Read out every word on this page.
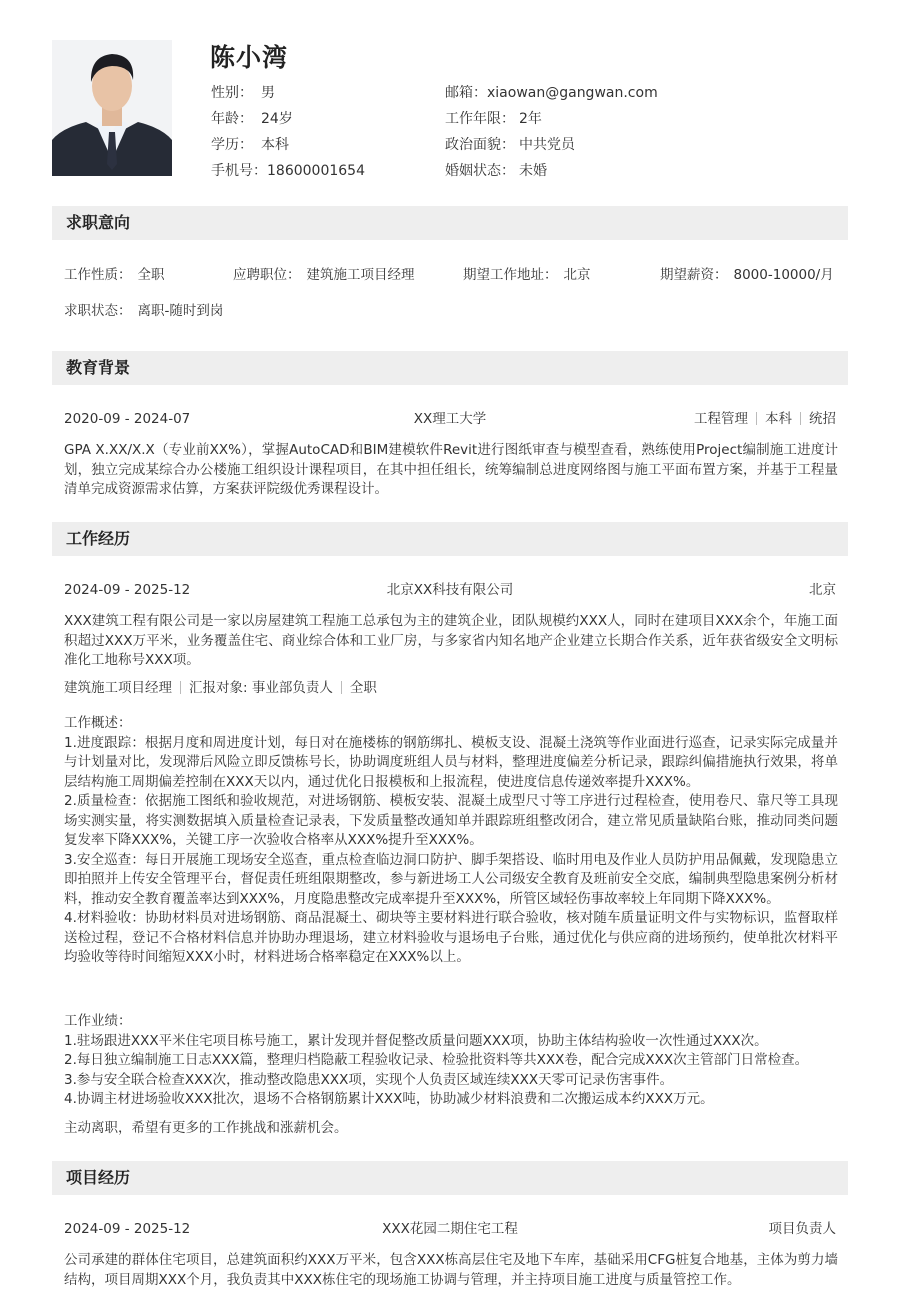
陈小湾
性别： 男
年龄： 24岁
学历： 本科
手机号：18600001654
邮箱：xiaowan@gangwan.com
工作年限： 2年
政治面貌： 中共党员
婚姻状态： 未婚
求职意向
工作性质： 全职	应聘职位： 建筑施工项目经理	期望工作地址： 北京	期望薪资： 8000-10000/月
求职状态： 离职-随时到岗
教育背景
2020-09 - 2024-07	XX理工大学	工程管理 本科 统招
GPA X.XX/X.X（专业前XX%），掌握AutoCAD和BIM建模软件Revit进行图纸审查与模型查看，熟练使用Project编制施工进度计划，独立完成某综合办公楼施工组织设计课程项目，在其中担任组长，统筹编制总进度网络图与施工平面布置方案，并基于工程量清单完成资源需求估算，方案获评院级优秀课程设计。
工作经历
2024-09 - 2025-12	北京XX科技有限公司	北京
XXX建筑工程有限公司是一家以房屋建筑工程施工总承包为主的建筑企业，团队规模约XXX人，同时在建项目XXX余个，年施工面积超过XXX万平米，业务覆盖住宅、商业综合体和工业厂房，与多家省内知名地产企业建立长期合作关系，近年获省级安全文明标准化工地称号XXX项。
建筑施工项目经理 汇报对象: 事业部负责人 全职
工作概述：
1.进度跟踪：根据月度和周进度计划，每日对在施楼栋的钢筋绑扎、模板支设、混凝土浇筑等作业面进行巡查，记录实际完成量并与计划量对比，发现滞后风险立即反馈栋号长，协助调度班组人员与材料，整理进度偏差分析记录，跟踪纠偏措施执行效果，将单层结构施工周期偏差控制在XXX天以内，通过优化日报模板和上报流程，使进度信息传递效率提升XXX%。
2.质量检查：依据施工图纸和验收规范，对进场钢筋、模板安装、混凝土成型尺寸等工序进行过程检查，使用卷尺、靠尺等工具现场实测实量，将实测数据填入质量检查记录表，下发质量整改通知单并跟踪班组整改闭合，建立常见质量缺陷台账，推动同类问题复发率下降XXX%，关键工序一次验收合格率从XXX%提升至XXX%。
3.安全巡查：每日开展施工现场安全巡查，重点检查临边洞口防护、脚手架搭设、临时用电及作业人员防护用品佩戴，发现隐患立即拍照并上传安全管理平台，督促责任班组限期整改，参与新进场工人公司级安全教育及班前安全交底，编制典型隐患案例分析材料，推动安全教育覆盖率达到XXX%，月度隐患整改完成率提升至XXX%，所管区域轻伤事故率较上年同期下降XXX%。
4.材料验收：协助材料员对进场钢筋、商品混凝土、砌块等主要材料进行联合验收，核对随车质量证明文件与实物标识，监督取样送检过程，登记不合格材料信息并协助办理退场，建立材料验收与退场电子台账，通过优化与供应商的进场预约，使单批次材料平均验收等待时间缩短XXX小时，材料进场合格率稳定在XXX%以上。
工作业绩：
1.驻场跟进XXX平米住宅项目栋号施工，累计发现并督促整改质量问题XXX项，协助主体结构验收一次性通过XXX次。
2.每日独立编制施工日志XXX篇，整理归档隐蔽工程验收记录、检验批资料等共XXX卷，配合完成XXX次主管部门日常检查。
3.参与安全联合检查XXX次，推动整改隐患XXX项，实现个人负责区域连续XXX天零可记录伤害事件。
4.协调主材进场验收XXX批次，退场不合格钢筋累计XXX吨，协助减少材料浪费和二次搬运成本约XXX万元。
主动离职，希望有更多的工作挑战和涨薪机会。
项目经历
2024-09 - 2025-12	XXX花园二期住宅工程	项目负责人
公司承建的群体住宅项目，总建筑面积约XXX万平米，包含XXX栋高层住宅及地下车库，基础采用CFG桩复合地基，主体为剪力墙结构，项目周期XXX个月，我负责其中XXX栋住宅的现场施工协调与管理，并主持项目施工进度与质量管控工作。
